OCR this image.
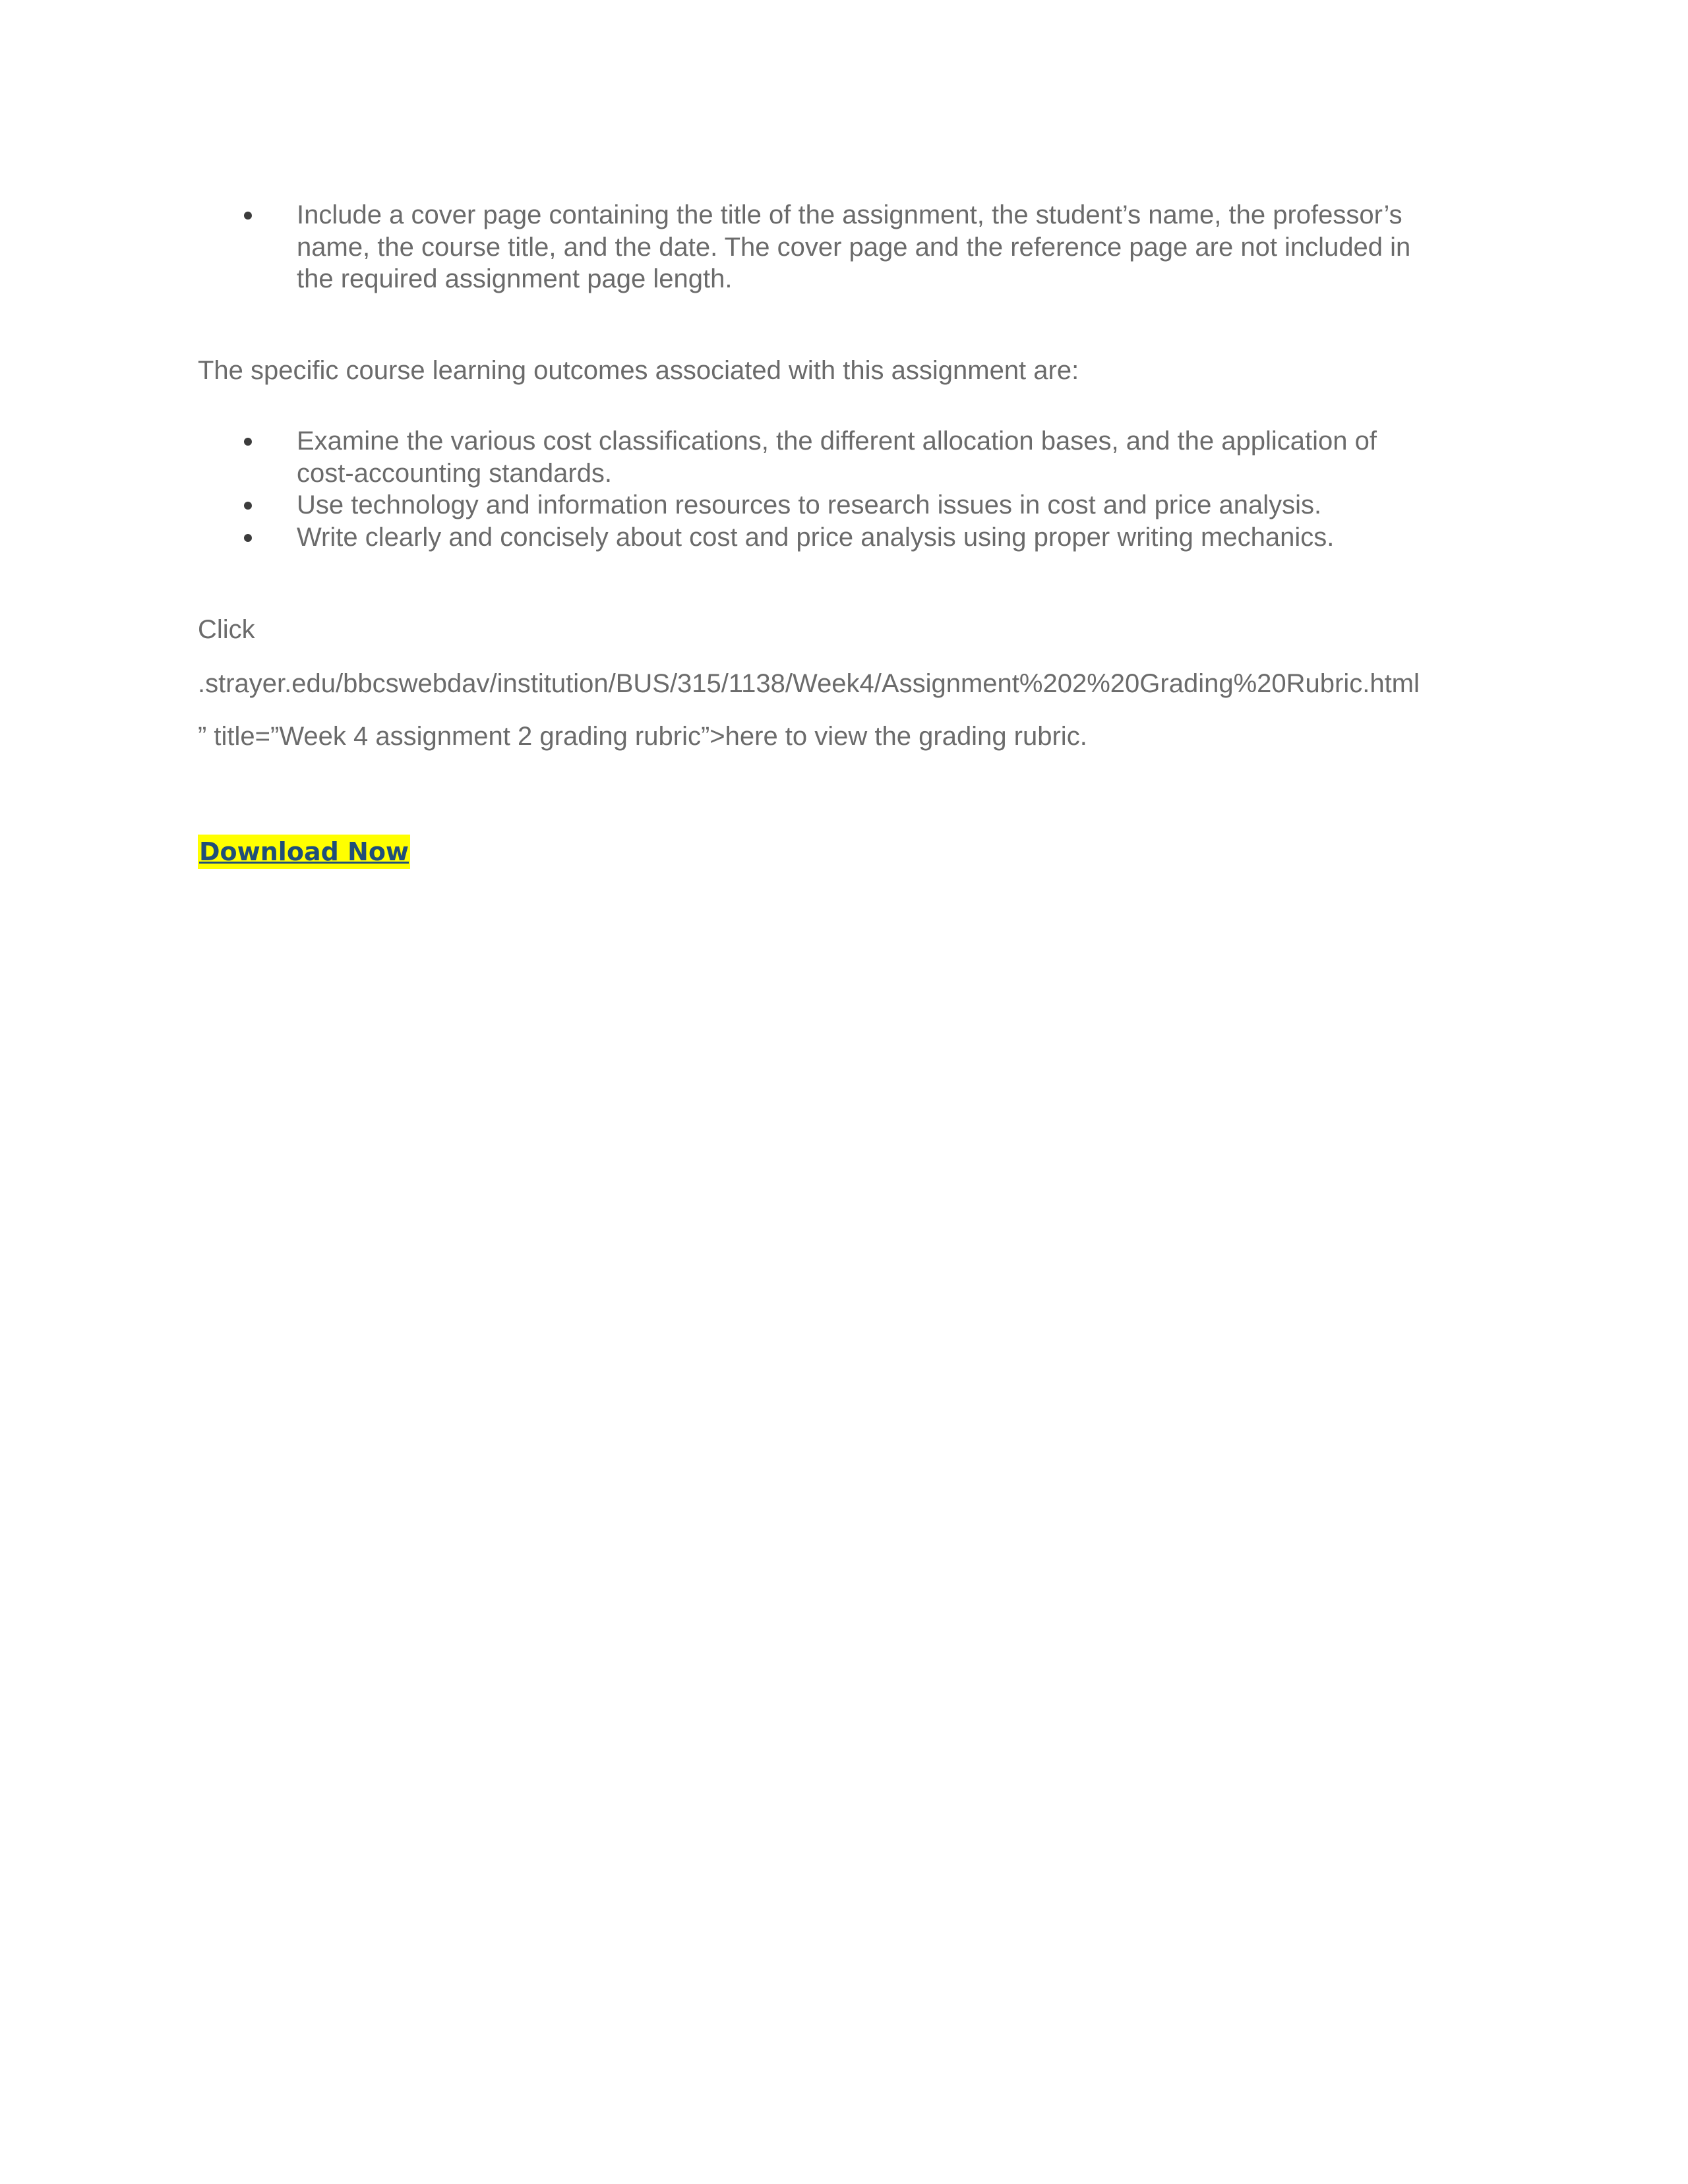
Include a cover page containing the title of the assignment, the student’s name, the professor’s
name, the course title, and the date. The cover page and the reference page are not included in
the required assignment page length.

The specific course learning outcomes associated with this assignment are:

Examine the various cost classifications, the different allocation bases, and the application of
cost-accounting standards.
Use technology and information resources to research issues in cost and price analysis.
Write clearly and concisely about cost and price analysis using proper writing mechanics.

Click

.strayer.edu/bbcswebdav/institution/BUS/315/1138/Week4/Assignment%202%20Grading%20Rubric.html

” title=”Week 4 assignment 2 grading rubric”>here to view the grading rubric.

Download Now
